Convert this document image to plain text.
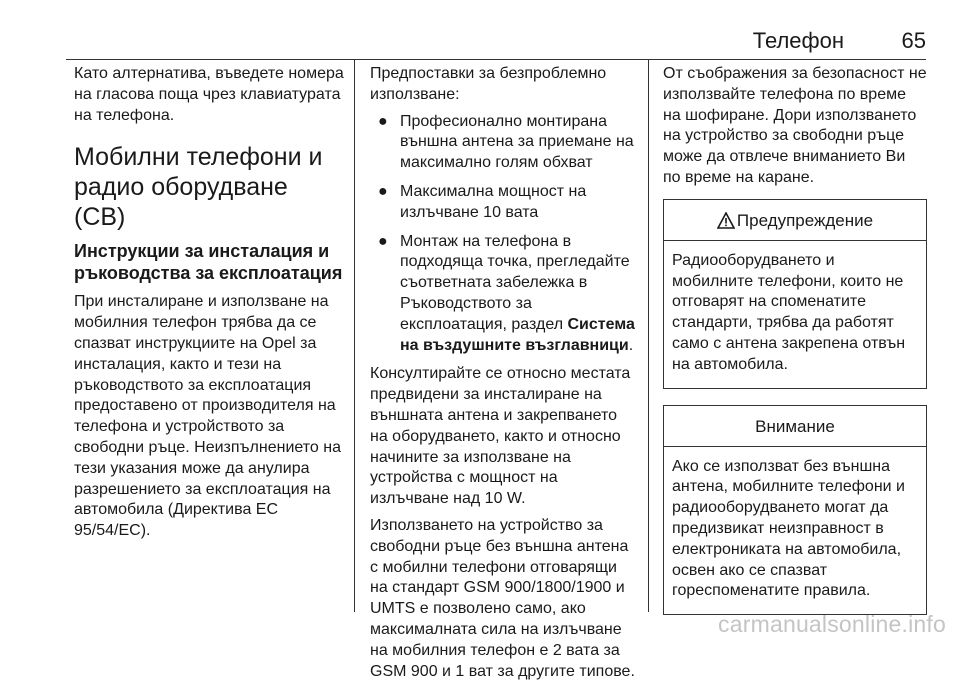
Телефон	65

Като алтернатива, въведете номера на гласова поща чрез клавиатурата на телефона.

Мобилни телефони и радио оборудване (CB)
Инструкции за инсталация и ръководства за експлоатация

При инсталиране и използване на мобилния телефон трябва да се спазват инструкциите на Opel за инсталация, както и тези на ръководството за експлоатация предоставено от производителя на телефона и устройството за свободни ръце. Неизпълнението на тези указания може да анулира разрешението за експлоатация на автомобила (Директива ЕС 95/54/EC).

Предпоставки за безпроблемно използване:

● Професионално монтирана външна антена за приемане на максимално голям обхват
● Максимална мощност на излъчване 10 вата
● Монтаж на телефона в подходяща точка, прегледайте съответната забележка в Ръководството за експлоатация, раздел Система на въздушните възглавници.

Консултирайте се относно местата предвидени за инсталиране на външната антена и закрепването на оборудването, както и относно начините за използване на устройства с мощност на излъчване над 10 W.

Използването на устройство за свободни ръце без външна антена с мобилни телефони отговарящи на стандарт GSM 900/1800/1900 и UMTS е позволено само, ако максималната сила на излъчване на мобилния телефон е 2 вата за GSM 900 и 1 ват за другите типове.

От съображения за безопасност не използвайте телефона по време на шофиране. Дори използването на устройство за свободни ръце може да отвлече вниманието Ви по време на каране.

Предупреждение
Радиооборудването и мобилните телефони, които не отговарят на споменатите стандарти, трябва да работят само с антена закрепена отвън на автомобила.
Внимание
Ако се използват без външна антена, мобилните телефони и радиооборудването могат да предизвикат неизправност в електрониката на автомобила, освен ако се спазват гореспоменатите правила.
carmanualsonline.info
